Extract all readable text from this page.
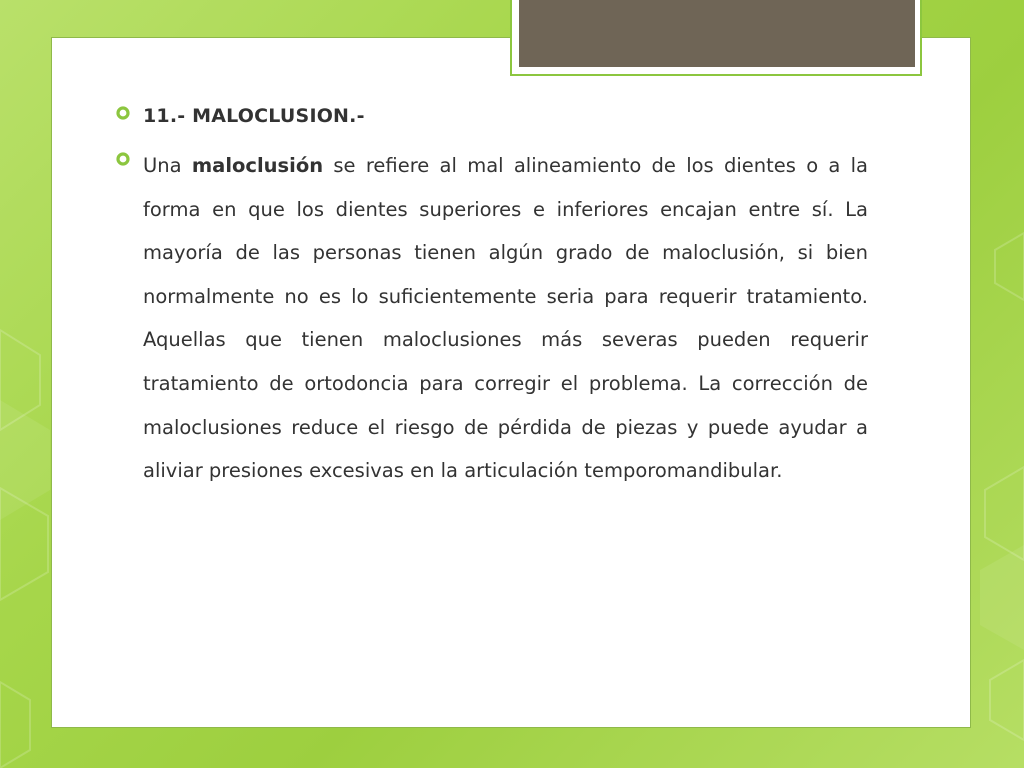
11.- MALOCLUSION.-
Una maloclusión se refiere al mal alineamiento de los dientes o a la forma en que los dientes superiores e inferiores encajan entre sí. La mayoría de las personas tienen algún grado de maloclusión, si bien normalmente no es lo suficientemente seria para requerir tratamiento. Aquellas que tienen maloclusiones más severas pueden requerir tratamiento de ortodoncia para corregir el problema. La corrección de maloclusiones reduce el riesgo de pérdida de piezas y puede ayudar a aliviar presiones excesivas en la articulación temporomandibular.
